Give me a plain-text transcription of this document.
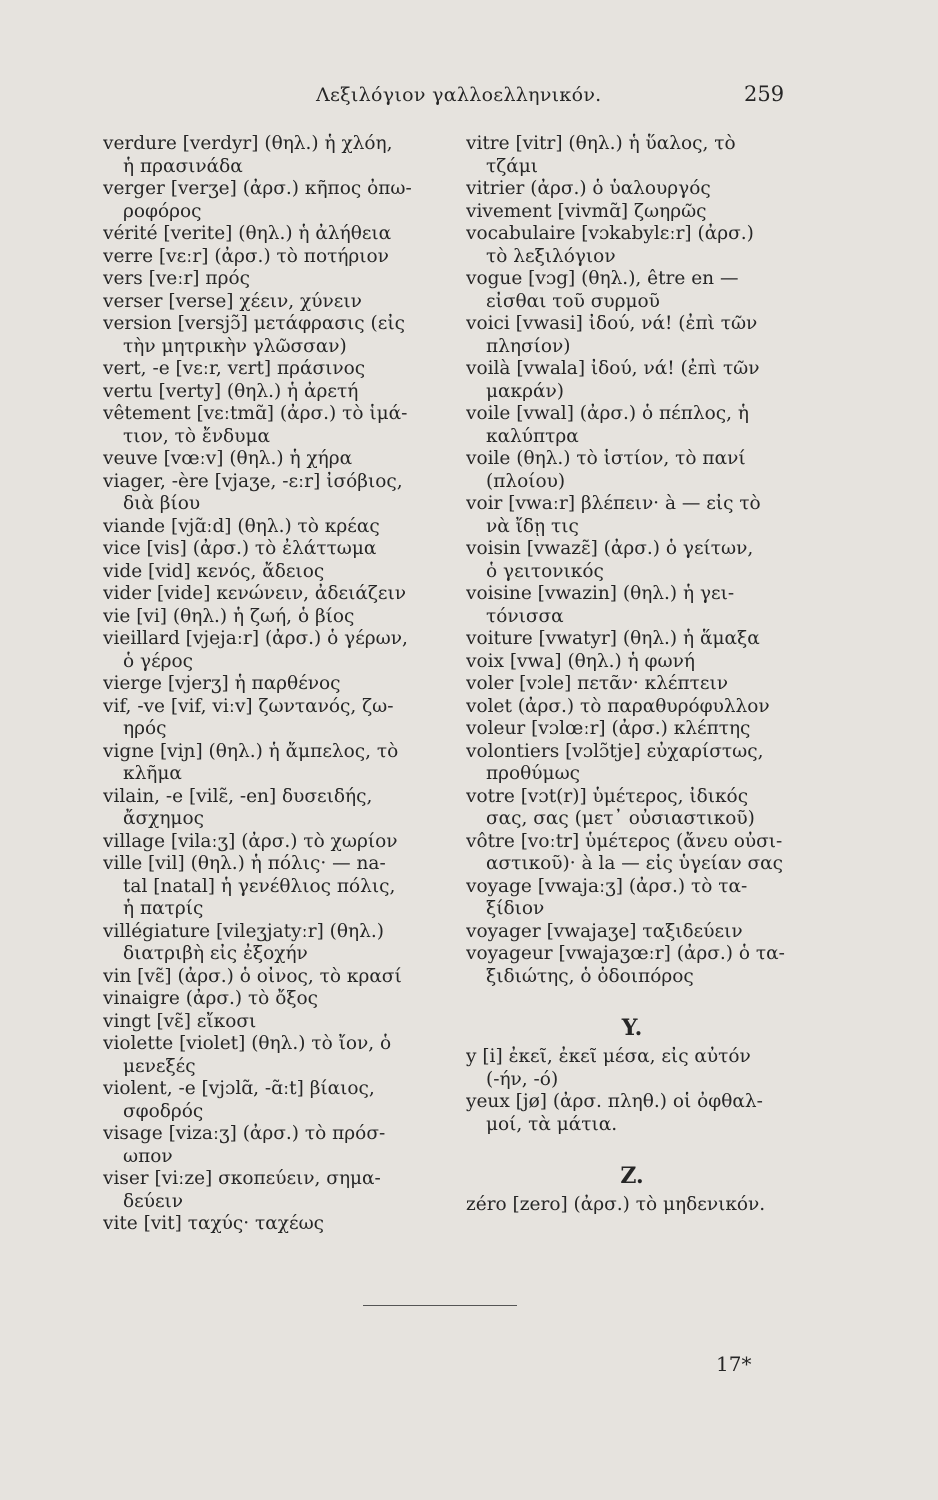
Λεξιλόγιον γαλλοελληνικόν.	259
verdure [verdyr] (θηλ.) ἡ χλόη,
ἡ πρασινάδα
verger [verʒe] (ἀρσ.) κῆπος ὀπω-
ροφόρος
vérité [verite] (θηλ.) ἡ ἀλήθεια
verre [vɛːr] (ἀρσ.) τὸ ποτήριον
vers [veːr] πρός
verser [verse] χέειν, χύνειν
version [versjɔ̃] μετάφρασις (εἰς
τὴν μητρικὴν γλῶσσαν)
vert, -e [vɛːr, vɛrt] πράσινος
vertu [verty] (θηλ.) ἡ ἀρετή
vêtement [vɛːtmɑ̃] (ἀρσ.) τὸ ἱμά-
τιον, τὸ ἔνδυμα
veuve [vœːv] (θηλ.) ἡ χήρα
viager, -ère [vjaʒe, -ɛːr] ἰσόβιος,
διὰ βίου
viande [vjɑ̃ːd] (θηλ.) τὸ κρέας
vice [vis] (ἀρσ.) τὸ ἐλάττωμα
vide [vid] κενός, ἄδειος
vider [vide] κενώνειν, ἀδειάζειν
vie [vi] (θηλ.) ἡ ζωή, ὁ βίος
vieillard [vjejaːr] (ἀρσ.) ὁ γέρων,
ὁ γέρος
vierge [vjerʒ] ἡ παρθένος
vif, -ve [vif, viːv] ζωντανός, ζω-
ηρός
vigne [viɲ] (θηλ.) ἡ ἄμπελος, τὸ
κλῆμα
vilain, -e [vilɛ̃, -en] δυσειδής,
ἄσχημος
village [vilaːʒ] (ἀρσ.) τὸ χωρίον
ville [vil] (θηλ.) ἡ πόλις· — na-
tal [natal] ἡ γενέθλιος πόλις,
ἡ πατρίς
villégiature [vileʒjatyːr] (θηλ.)
διατριβὴ εἰς ἐξοχήν
vin [vɛ̃] (ἀρσ.) ὁ οἶνος, τὸ κρασί
vinaigre (ἀρσ.) τὸ ὄξος
vingt [vɛ̃] εἴκοσι
violette [violet] (θηλ.) τὸ ἴον, ὁ
μενεξές
violent, -e [vjɔlɑ̃, -ɑ̃ːt] βίαιος,
σφοδρός
visage [vizaːʒ] (ἀρσ.) τὸ πρόσ-
ωπον
viser [viːze] σκοπεύειν, σημα-
δεύειν
vite [vit] ταχύς· ταχέως
vitre [vitr] (θηλ.) ἡ ὕαλος, τὸ
τζάμι
vitrier (ἀρσ.) ὁ ὑαλουργός
vivement [vivmɑ̃] ζωηρῶς
vocabulaire [vɔkabylɛːr] (ἀρσ.)
τὸ λεξιλόγιον
vogue [vɔg] (θηλ.), être en —
εἶσθαι τοῦ συρμοῦ
voici [vwasi] ἰδού, νά! (ἐπὶ τῶν
πλησίον)
voilà [vwala] ἰδού, νά! (ἐπὶ τῶν
μακράν)
voile [vwal] (ἀρσ.) ὁ πέπλος, ἡ
καλύπτρα
voile (θηλ.) τὸ ἱστίον, τὸ πανί
(πλοίου)
voir [vwaːr] βλέπειν· à — εἰς τὸ
νὰ ἴδῃ τις
voisin [vwazɛ̃] (ἀρσ.) ὁ γείτων,
ὁ γειτονικός
voisine [vwazin] (θηλ.) ἡ γει-
τόνισσα
voiture [vwatyr] (θηλ.) ἡ ἅμαξα
voix [vwa] (θηλ.) ἡ φωνή
voler [vɔle] πετᾶν· κλέπτειν
volet (ἀρσ.) τὸ παραθυρόφυλλον
voleur [vɔlœːr] (ἀρσ.) κλέπτης
volontiers [vɔlɔ̃tje] εὐχαρίστως,
προθύμως
votre [vɔt(r)] ὑμέτερος, ἰδικός
σας, σας (μετ᾽ οὐσιαστικοῦ)
vôtre [voːtr] ὑμέτερος (ἄνευ οὐσι-
αστικοῦ)· à la — εἰς ὑγείαν σας
voyage [vwajaːʒ] (ἀρσ.) τὸ τα-
ξίδιον
voyager [vwajaʒe] ταξιδεύειν
voyageur [vwajaʒœːr] (ἀρσ.) ὁ τα-
ξιδιώτης, ὁ ὁδοιπόρος
Y.
y [i] ἐκεῖ, ἐκεῖ μέσα, εἰς αὐτόν
(-ήν, -ό)
yeux [jø] (ἀρσ. πληθ.) οἱ ὀφθαλ-
μοί, τὰ μάτια.
Z.
zéro [zero] (ἀρσ.) τὸ μηδενικόν.
17*
